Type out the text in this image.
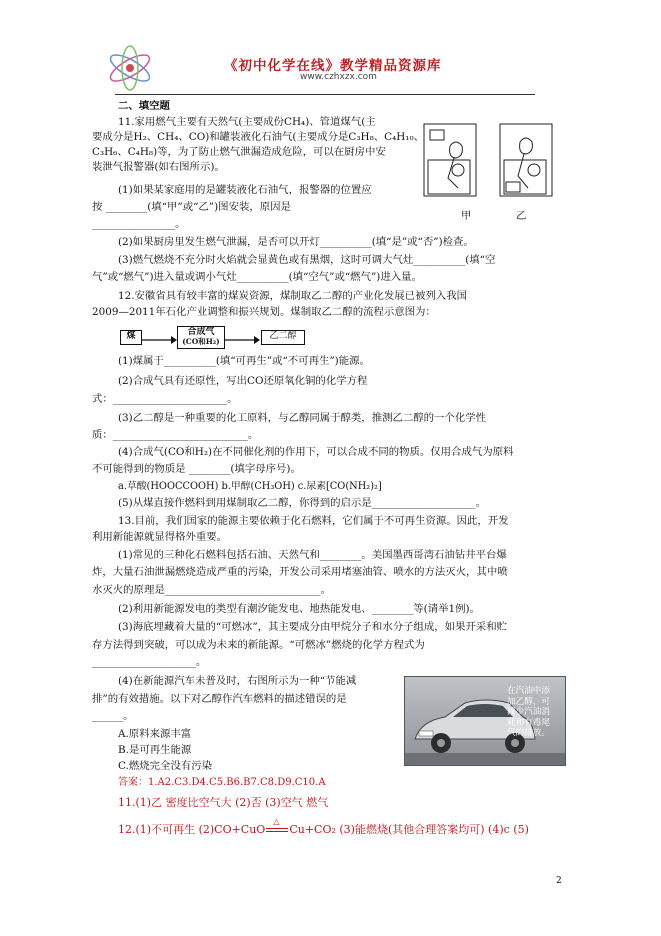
《初中化学在线》教学精品资源库
www.czhxzx.com
二、填空题
11.家用燃气主要有天然气(主要成份CH₄)、管道煤气(主
要成分是H₂、CH₄、CO)和罐装液化石油气(主要成分是C₃H₈、C₄H₁₀、
C₃H₆、C₄H₈)等，为了防止燃气泄漏造成危险，可以在厨房中安
装泄气报警器(如右图所示)。
(1)如果某家庭用的是罐装液化石油气，报警器的位置应
按 ________(填“甲”或“乙”)图安装，原因是
________________。
甲	乙
(2)如果厨房里发生燃气泄漏，是否可以开灯__________(填“是”或“否”)检查。
(3)燃气燃烧不充分时火焰就会显黄色或有黑烟，这时可调大气灶__________(填“空
气”或“燃气”)进入量或调小气灶__________(填“空气”或“燃气”)进入量。
12.安徽省具有较丰富的煤炭资源，煤制取乙二醇的产业化发展已被列入我国
2009—2011年石化产业调整和振兴规划。煤制取乙二醇的流程示意图为：
煤	合成气
(CO和H₂)
乙二醇
(1)煤属于__________(填“可再生”或“不可再生”)能源。
(2)合成气具有还原性，写出CO还原氧化铜的化学方程
式：______________________。
(3)乙二醇是一种重要的化工原料，与乙醇同属于醇类，推测乙二醇的一个化学性
质：__________________________。
(4)合成气(CO和H₂)在不同催化剂的作用下，可以合成不同的物质。仅用合成气为原料
不可能得到的物质是 ________(填字母序号)。
a.草酸(HOOCCOOH) b.甲醇(CH₃OH) c.尿素[CO(NH₂)₂]
(5)从煤直接作燃料到用煤制取乙二醇，你得到的启示是____________________。
13.目前，我们国家的能源主要依赖于化石燃料，它们属于不可再生资源。因此，开发
利用新能源就显得格外重要。
(1)常见的三种化石燃料包括石油、天然气和________。美国墨西哥湾石油钻井平台爆
炸，大量石油泄漏燃烧造成严重的污染，开发公司采用堵塞油管、喷水的方法灭火，其中喷
水灭火的原理是______________________________。
(2)利用新能源发电的类型有潮汐能发电、地热能发电、________等(请举1例)。
(3)海底埋藏着大量的“可燃冰”，其主要成分由甲烷分子和水分子组成，如果开采和贮
存方法得到突破，可以成为未来的新能源。“可燃冰”燃烧的化学方程式为
____________________。
(4)在新能源汽车未普及时，右图所示为一种“节能减
排”的有效措施。以下对乙醇作汽车燃料的描述错误的是
______。
A.原料来源丰富
B.是可再生能源
C.燃烧完全没有污染
在汽油中添
加乙醇，可
减少汽油消
耗和有毒尾
气的排放。
答案：1.A2.C3.D4.C5.B6.B7.C8.D9.C10.A
11.(1)乙 密度比空气大 (2)否 (3)空气 燃气
12.(1)不可再生 (2)CO+CuO
△
Cu+CO₂ (3)能燃烧(其他合理答案均可) (4)c (5)
2
